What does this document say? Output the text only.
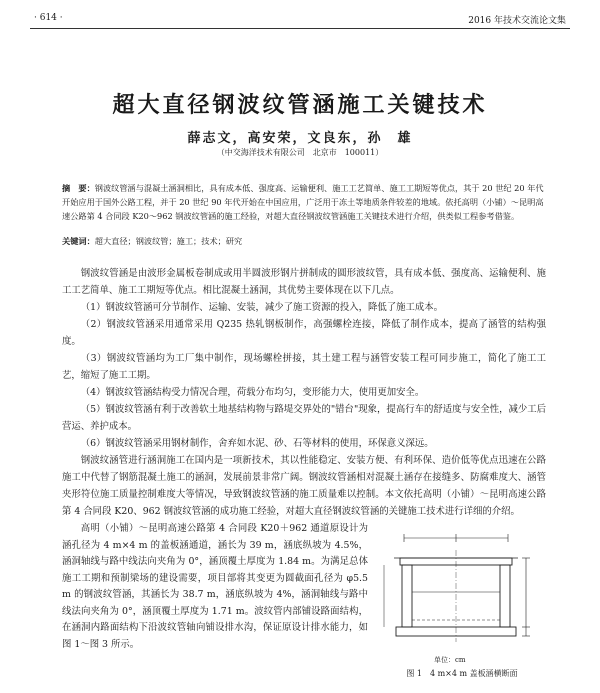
· 614 ·	2016 年技术交流论文集
超大直径钢波纹管涵施工关键技术
薛志文，高安荣，文良东，孙　雄
（中交海洋技术有限公司　北京市　100011）
摘　要：钢波纹管涵与混凝土涵洞相比，具有成本低、强度高、运输便利、施工工艺简单、施工工期短等优点，其于 20 世纪 20 年代开始应用于国外公路工程，并于 20 世纪 90 年代开始在中国应用，广泛用于冻土等地质条件较差的地域。依托高明（小铺）～昆明高速公路第 4 合同段 K20～962 钢波纹管涵的施工经验，对超大直径钢波纹管涵施工关键技术进行介绍，供类似工程参考借鉴。
关键词：超大直径；钢波纹管；施工；技术；研究

钢波纹管涵是由波形金属板卷制成或用半圆波形钢片拼制成的圆形波纹管，具有成本低、强度高、运输便利、施工工艺简单、施工工期短等优点。相比混凝土涵洞，其优势主要体现在以下几点。

（1）钢波纹管涵可分节制作、运输、安装，减少了施工资源的投入，降低了施工成本。

（2）钢波纹管涵采用通常采用 Q235 热轧钢板制作，高强螺栓连接，降低了制作成本，提高了涵管的结构强度。

（3）钢波纹管涵均为工厂集中制作，现场螺栓拼接，其土建工程与涵管安装工程可同步施工，简化了施工工艺，缩短了施工工期。

（4）钢波纹管涵结构受力情况合理，荷载分布均匀，变形能力大，使用更加安全。

（5）钢波纹管涵有利于改善软土地基结构物与路堤交界处的"错台"现象，提高行车的舒适度与安全性，减少工后营运、养护成本。

（6）钢波纹管涵采用钢材制作，舍弃如水泥、砂、石等材料的使用，环保意义深远。

钢波纹涵管进行涵洞施工在国内是一项新技术，其以性能稳定、安装方便、有利环保、造价低等优点迅速在公路施工中代替了钢筋混凝土施工的涵洞，发展前景非常广阔。钢波纹管涵相对混凝土涵存在接缝多、防腐难度大、涵管夹形符位施工质量控制难度大等情况，导致钢波纹管涵的施工质量难以控制。本文依托高明（小铺）～昆明高速公路第 4 合同段 K20、962 钢波纹管涵的成功施工经验，对超大直径钢波纹管涵的关键施工技术进行详细的介绍。

高明（小铺）～昆明高速公路第 4 合同段 K20＋962 通道原设计为涵孔径为 4 m×4 m 的盖板涵通道，涵长为 39 m，涵底纵坡为 4.5%，涵洞轴线与路中线法向夹角为 0°，涵顶覆土厚度为 1.84 m。为满足总体施工工期和预制梁场的建设需要，项目部将其变更为圆截面孔径为 φ5.5 m 的钢波纹管涵，其涵长为 38.7 m，涵底纵坡为 4%，涵洞轴线与路中线法向夹角为 0°，涵顶覆土厚度为 1.71 m。波纹管内部铺设路面结构，在涵洞内路面结构下沿波纹管轴向铺设排水沟，保证原设计排水能力，如图 1～图 3 所示。

单位：cm
图 1　4 m×4 m 盖板涵横断面
